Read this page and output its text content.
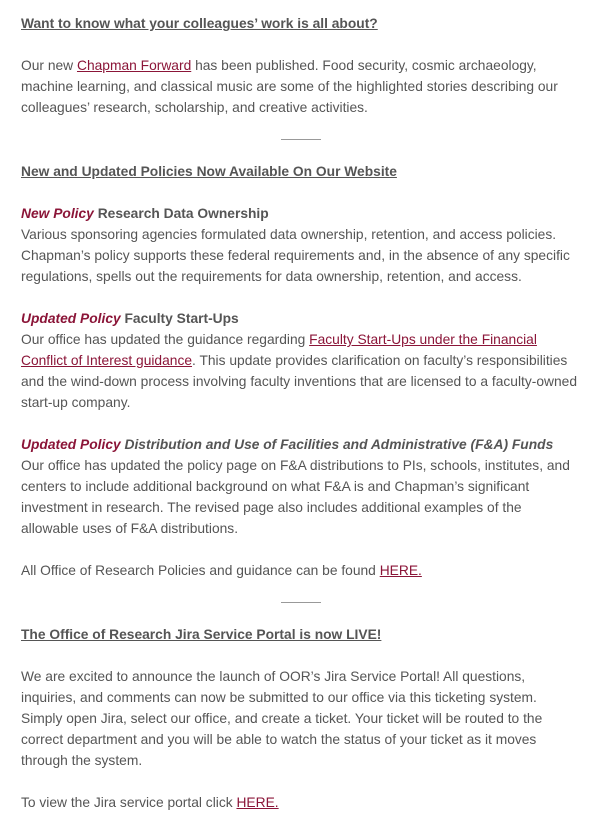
Want to know what your colleagues’ work is all about?

Our new Chapman Forward has been published. Food security, cosmic archaeology, machine learning, and classical music are some of the highlighted stories describing our colleagues’ research, scholarship, and creative activities.

New and Updated Policies Now Available On Our Website

New Policy Research Data Ownership

Various sponsoring agencies formulated data ownership, retention, and access policies. Chapman’s policy supports these federal requirements and, in the absence of any specific regulations, spells out the requirements for data ownership, retention, and access.

Updated Policy Faculty Start-Ups

Our office has updated the guidance regarding Faculty Start-Ups under the Financial Conflict of Interest guidance. This update provides clarification on faculty’s responsibilities and the wind-down process involving faculty inventions that are licensed to a faculty-owned start-up company.

Updated Policy Distribution and Use of Facilities and Administrative (F&A) Funds

Our office has updated the policy page on F&A distributions to PIs, schools, institutes, and centers to include additional background on what F&A is and Chapman’s significant investment in research. The revised page also includes additional examples of the allowable uses of F&A distributions.

All Office of Research Policies and guidance can be found HERE.

The Office of Research Jira Service Portal is now LIVE!

We are excited to announce the launch of OOR’s Jira Service Portal! All questions, inquiries, and comments can now be submitted to our office via this ticketing system. Simply open Jira, select our office, and create a ticket. Your ticket will be routed to the correct department and you will be able to watch the status of your ticket as it moves through the system.

To view the Jira service portal click HERE.
